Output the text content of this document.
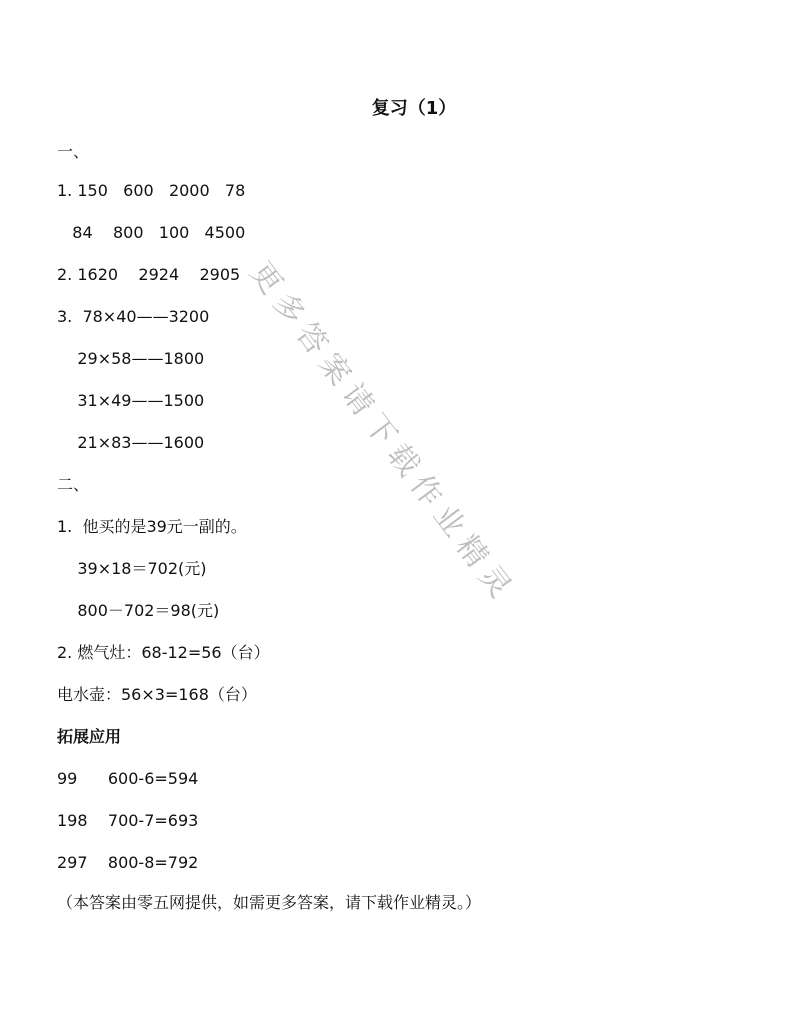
复习（1）
一、
1. 150   600   2000   78
84    800   100   4500
2. 1620    2924    2905
3.  78×40——3200
29×58——1800
31×49——1500
21×83——1600
二、
1.  他买的是39元一副的。
39×18＝702(元)
800－702＝98(元)
2. 燃气灶：68-12=56（台）
电水壶：56×3=168（台）
拓展应用
99      600-6=594
198    700-7=693
297    800-8=792
（本答案由零五网提供，如需更多答案，请下载作业精灵。）
更多答案请下载作业精灵
